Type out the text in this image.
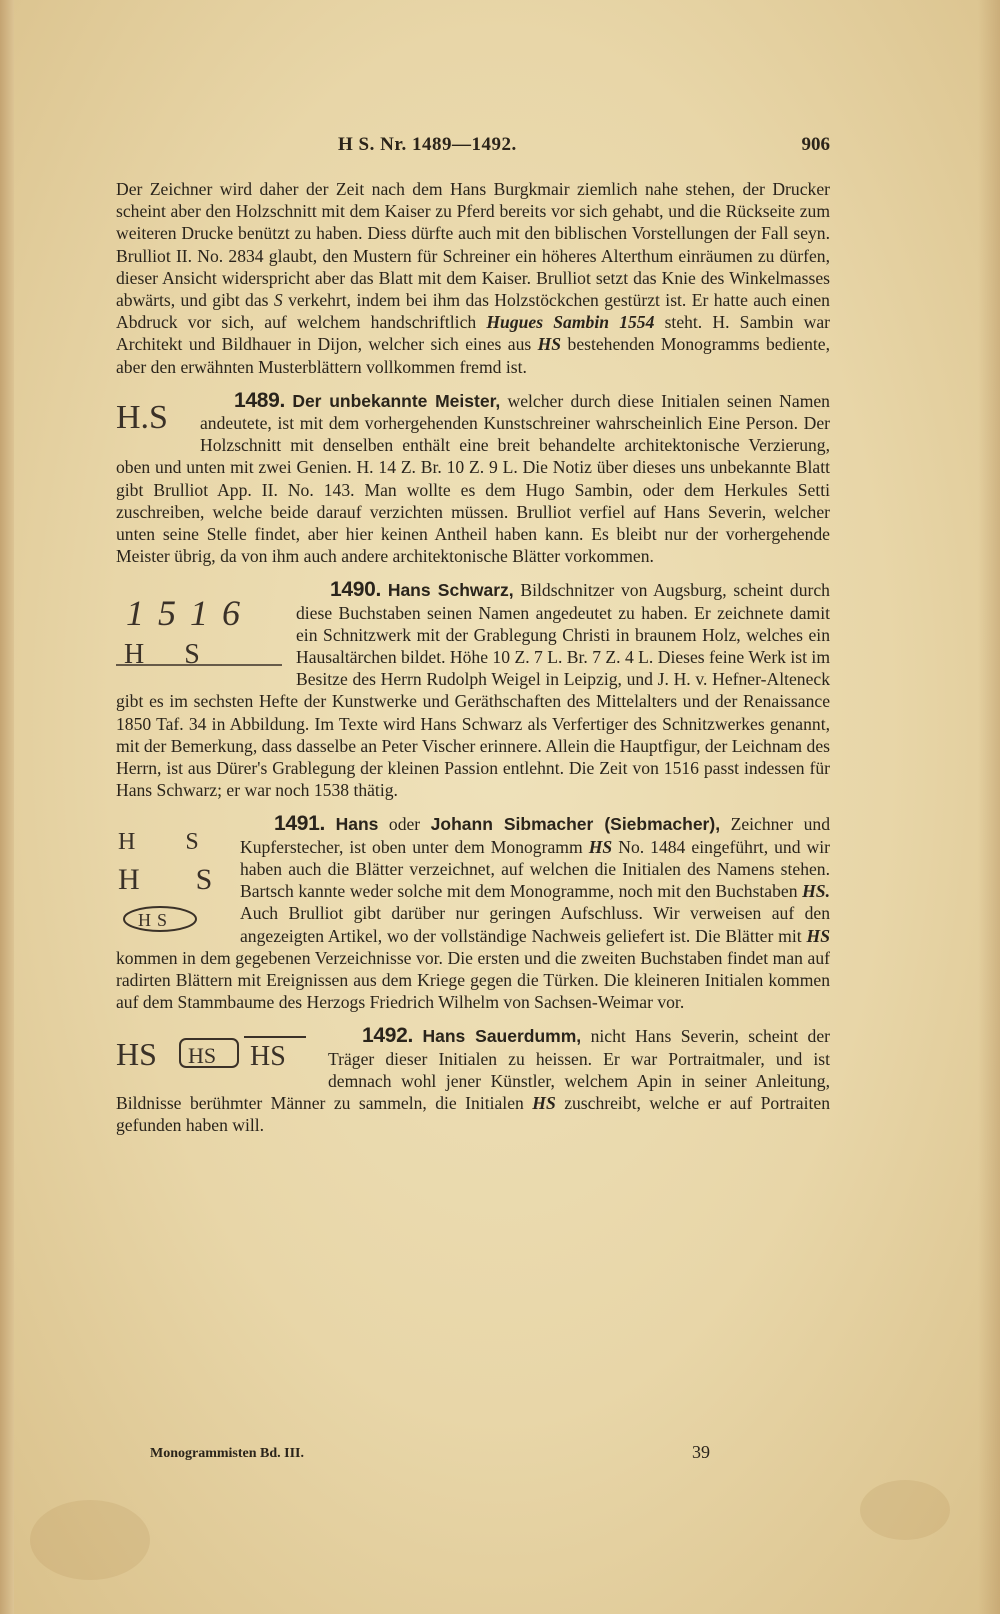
H S. Nr. 1489—1492.	906

Der Zeichner wird daher der Zeit nach dem Hans Burgkmair ziemlich nahe stehen, der Drucker scheint aber den Holzschnitt mit dem Kaiser zu Pferd bereits vor sich gehabt, und die Rückseite zum weiteren Drucke benützt zu haben. Diess dürfte auch mit den biblischen Vorstellungen der Fall seyn. Brulliot II. No. 2834 glaubt, den Mustern für Schreiner ein höheres Alterthum einräumen zu dürfen, dieser Ansicht widerspricht aber das Blatt mit dem Kaiser. Brulliot setzt das Knie des Winkelmasses abwärts, und gibt das S verkehrt, indem bei ihm das Holzstöckchen gestürzt ist. Er hatte auch einen Abdruck vor sich, auf welchem handschriftlich Hugues Sambin 1554 steht. H. Sambin war Architekt und Bildhauer in Dijon, welcher sich eines aus HS bestehenden Monogramms bediente, aber den erwähnten Musterblättern vollkommen fremd ist.

1489. Der unbekannte Meister,
H.S	welcher durch diese Initialen seinen Namen andeutete, ist mit dem vorhergehenden Kunstschreiner wahrscheinlich Eine Person. Der Holzschnitt mit denselben enthält eine breit behandelte architektonische Verzierung, oben und unten mit zwei Genien. H. 14 Z. Br. 10 Z. 9 L. Die Notiz über dieses uns unbekannte Blatt gibt Brulliot App. II. No. 143. Man wollte es dem Hugo Sambin, oder dem Herkules Setti zuschreiben, welche beide darauf verzichten müssen. Brulliot verfiel auf Hans Severin, welcher unten seine Stelle findet, aber hier keinen Antheil haben kann. Es bleibt nur der vorhergehende Meister übrig, da von ihm auch andere architektonische Blätter vorkommen.

1490. Hans Schwarz,
1516
HS
Bildschnitzer von Augsburg, scheint durch diese Buchstaben seinen Namen angedeutet zu haben. Er zeichnete damit ein Schnitzwerk mit der Grablegung Christi in braunem Holz, welches ein Hausaltärchen bildet. Höhe 10 Z. 7 L. Br. 7 Z. 4 L. Dieses feine Werk ist im Besitze des Herrn Rudolph Weigel in Leipzig, und J. H. v. Hefner-Alteneck gibt es im sechsten Hefte der Kunstwerke und Geräthschaften des Mittelalters und der Renaissance 1850 Taf. 34 in Abbildung. Im Texte wird Hans Schwarz als Verfertiger des Schnitzwerkes genannt, mit der Bemerkung, dass dasselbe an Peter Vischer erinnere. Allein die Hauptfigur, der Leichnam des Herrn, ist aus Dürer's Grablegung der kleinen Passion entlehnt. Die Zeit von 1516 passt indessen für Hans Schwarz; er war noch 1538 thätig.

1491. Hans oder Johann Sibmacher (Siebmacher),
HS
HS
HS
Zeichner und Kupferstecher, ist oben unter dem Monogramm HS No. 1484 eingeführt, und wir haben auch die Blätter verzeichnet, auf welchen die Initialen des Namens stehen. Bartsch kannte weder solche mit dem Monogramme, noch mit den Buchstaben HS. Auch Brulliot gibt darüber nur geringen Aufschluss. Wir verweisen auf den angezeigten Artikel, wo der vollständige Nachweis geliefert ist. Die Blätter mit HS kommen in dem gegebenen Verzeichnisse vor. Die ersten und die zweiten Buchstaben findet man auf radirten Blättern mit Ereignissen aus dem Kriege gegen die Türken. Die kleineren Initialen kommen auf dem Stammbaume des Herzogs Friedrich Wilhelm von Sachsen-Weimar vor.

1492. Hans Sauerdumm,
HS HS HS
nicht Hans Severin, scheint der Träger dieser Initialen zu heissen. Er war Portraitmaler, und ist demnach wohl jener Künstler, welchem Apin in seiner Anleitung, Bildnisse berühmter Männer zu sammeln, die Initialen HS zuschreibt, welche er auf Portraiten gefunden haben will.

Monogrammisten Bd. III.	39
